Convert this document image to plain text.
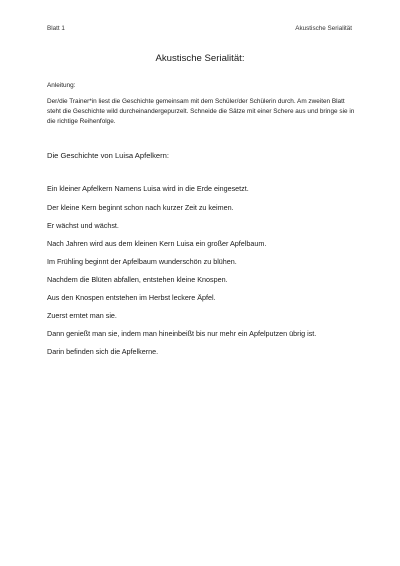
Blatt 1	Akustische Serialität
Akustische Serialität:
Anleitung:
Der/die Trainer*in liest die Geschichte gemeinsam mit dem Schüler/der Schülerin durch. Am zweiten Blatt steht die Geschichte wild durcheinandergepurzelt. Schneide die Sätze mit einer Schere aus und bringe sie in die richtige Reihenfolge.
Die Geschichte von Luisa Apfelkern:
Ein kleiner Apfelkern Namens Luisa wird in die Erde eingesetzt.
Der kleine Kern beginnt schon nach kurzer Zeit zu keimen.
Er wächst und wächst.
Nach Jahren wird aus dem kleinen Kern Luisa ein großer Apfelbaum.
Im Frühling beginnt der Apfelbaum wunderschön zu blühen.
Nachdem die Blüten abfallen, entstehen kleine Knospen.
Aus den Knospen entstehen im Herbst leckere Äpfel.
Zuerst erntet man sie.
Dann genießt man sie, indem man hineinbeißt bis nur mehr ein Apfelputzen übrig ist.
Darin befinden sich die Apfelkerne.
